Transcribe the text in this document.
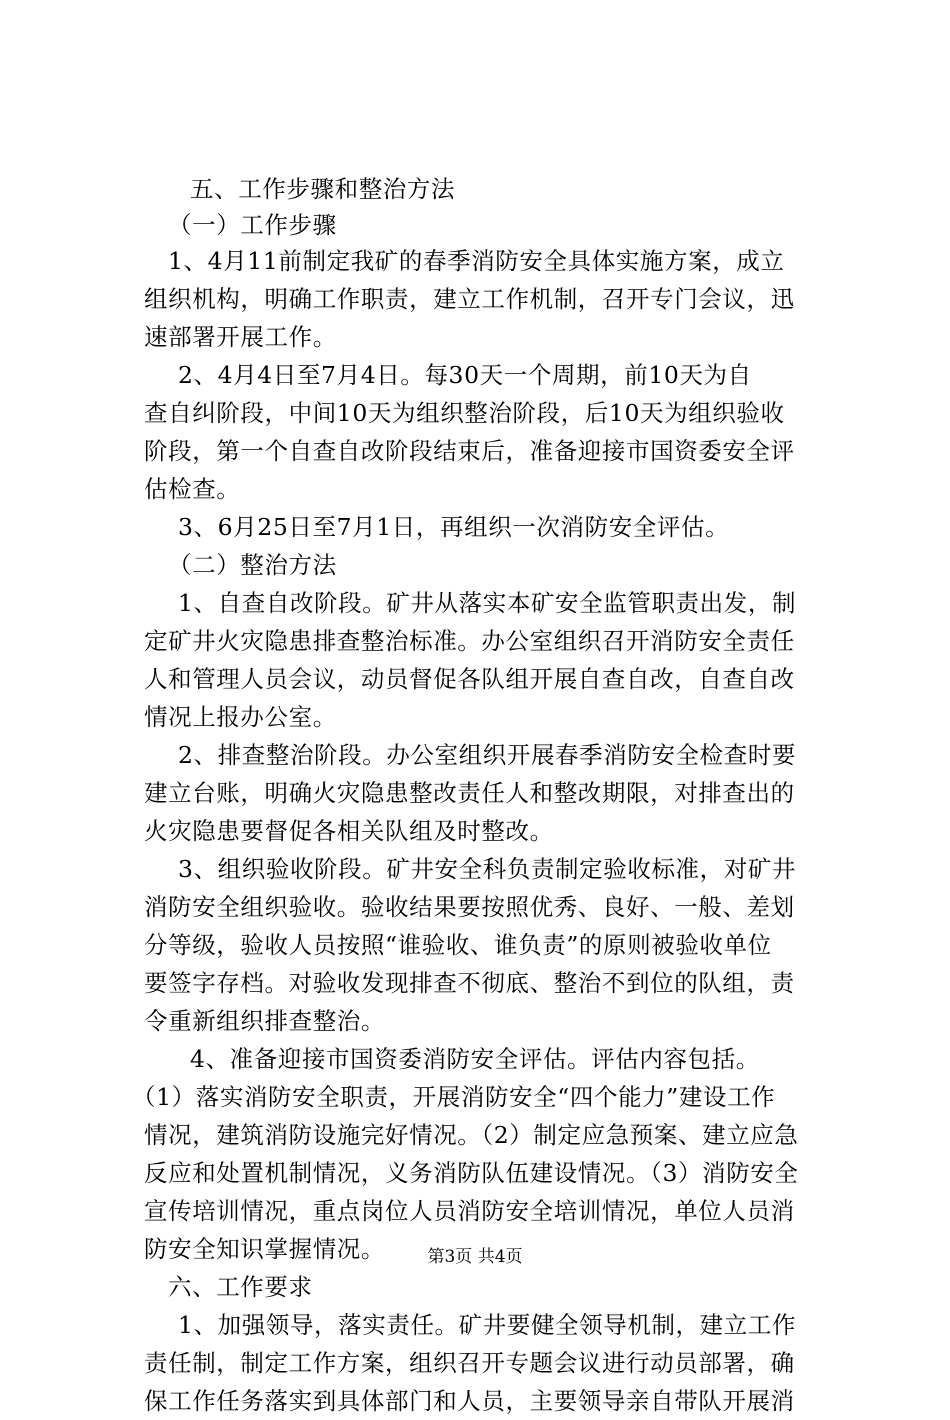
五、工作步骤和整治方法
（一）工作步骤
1、4月11前制定我矿的春季消防安全具体实施方案，成立
组织机构，明确工作职责，建立工作机制，召开专门会议，迅
速部署开展工作。
2、4月4日至7月4日。每30天一个周期，前10天为自
查自纠阶段，中间10天为组织整治阶段，后10天为组织验收
阶段，第一个自查自改阶段结束后，准备迎接市国资委安全评
估检查。
3、6月25日至7月1日，再组织一次消防安全评估。
（二）整治方法
1、自查自改阶段。矿井从落实本矿安全监管职责出发，制
定矿井火灾隐患排查整治标准。办公室组织召开消防安全责任
人和管理人员会议，动员督促各队组开展自查自改，自查自改
情况上报办公室。
2、排查整治阶段。办公室组织开展春季消防安全检查时要
建立台账，明确火灾隐患整改责任人和整改期限，对排查出的
火灾隐患要督促各相关队组及时整改。
3、组织验收阶段。矿井安全科负责制定验收标准，对矿井
消防安全组织验收。验收结果要按照优秀、良好、一般、差划
分等级，验收人员按照“谁验收、谁负责”的原则被验收单位
要签字存档。对验收发现排查不彻底、整治不到位的队组，责
令重新组织排查整治。
4、准备迎接市国资委消防安全评估。评估内容包括。
（1）落实消防安全职责，开展消防安全“四个能力”建设工作
情况，建筑消防设施完好情况。（2）制定应急预案、建立应急
反应和处置机制情况，义务消防队伍建设情况。（3）消防安全
宣传培训情况，重点岗位人员消防安全培训情况，单位人员消
防安全知识掌握情况。
六、工作要求
1、加强领导，落实责任。矿井要健全领导机制，建立工作
责任制，制定工作方案，组织召开专题会议进行动员部署，确
保工作任务落实到具体部门和人员，主要领导亲自带队开展消
第3页 共4页
